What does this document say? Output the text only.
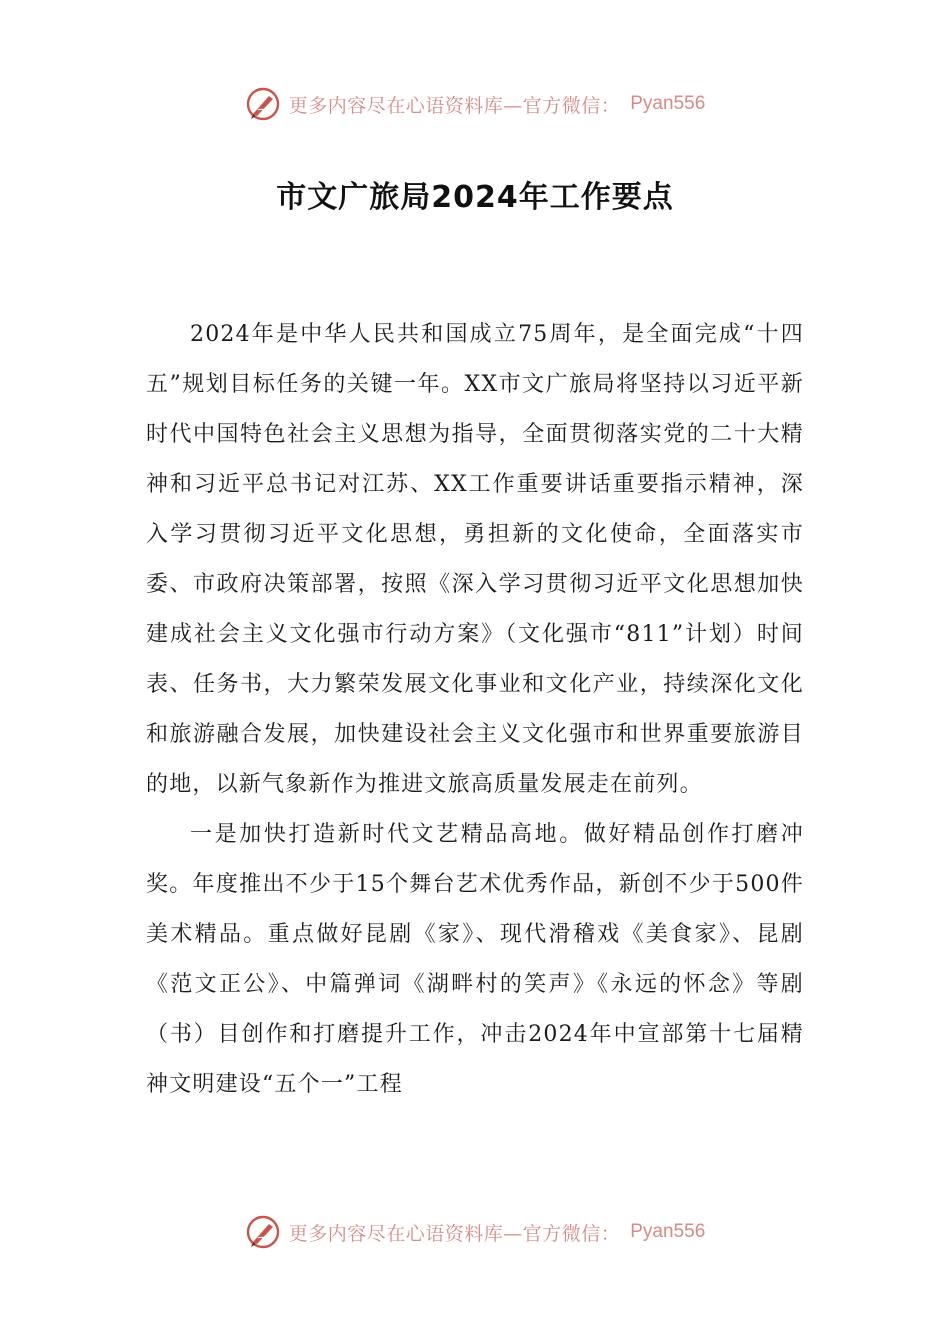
更多内容尽在心语资料库—官方微信： Pyan556
市文广旅局2024年工作要点

2024年是中华人民共和国成立75周年，是全面完成“十四五”规划目标任务的关键一年。XX市文广旅局将坚持以习近平新时代中国特色社会主义思想为指导，全面贯彻落实党的二十大精神和习近平总书记对江苏、XX工作重要讲话重要指示精神，深入学习贯彻习近平文化思想，勇担新的文化使命，全面落实市委、市政府决策部署，按照《深入学习贯彻习近平文化思想加快建成社会主义文化强市行动方案》（文化强市“811”计划）时间表、任务书，大力繁荣发展文化事业和文化产业，持续深化文化和旅游融合发展，加快建设社会主义文化强市和世界重要旅游目的地，以新气象新作为推进文旅高质量发展走在前列。

一是加快打造新时代文艺精品高地。做好精品创作打磨冲奖。年度推出不少于15个舞台艺术优秀作品，新创不少于500件美术精品。重点做好昆剧《家》、现代滑稽戏《美食家》、昆剧《范文正公》、中篇弹词《湖畔村的笑声》《永远的怀念》等剧（书）目创作和打磨提升工作，冲击2024年中宣部第十七届精神文明建设“五个一”工程

更多内容尽在心语资料库—官方微信： Pyan556
